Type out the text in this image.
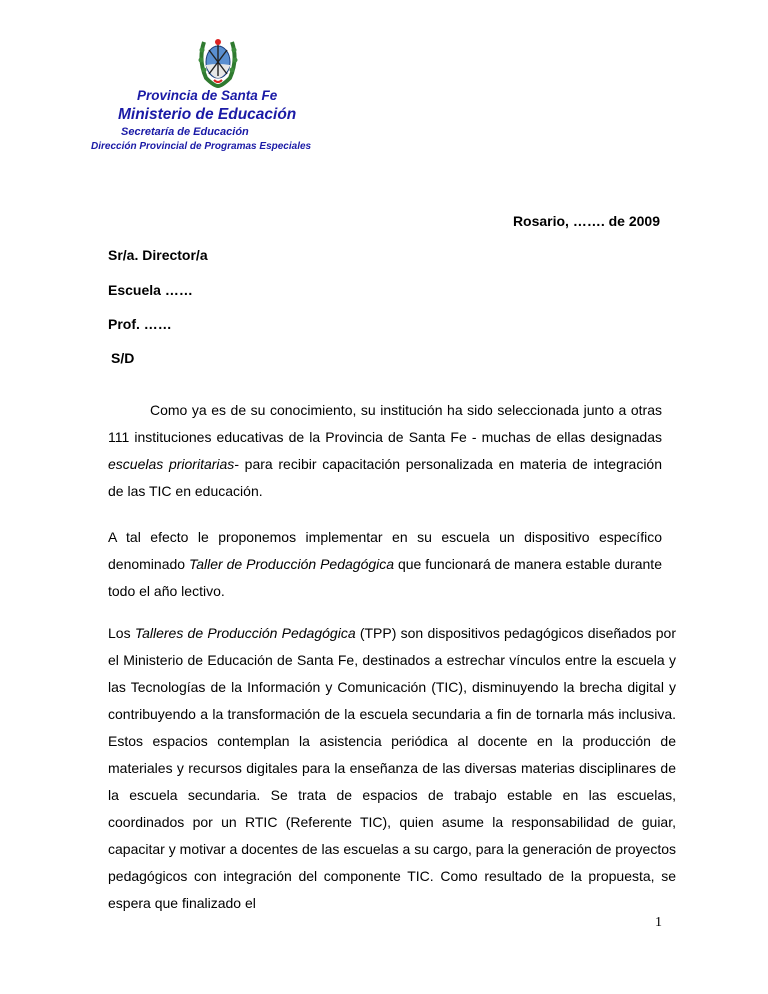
Provincia de Santa Fe
Ministerio de Educación
Secretaría de Educación
Dirección Provincial de Programas Especiales
Rosario, ……. de 2009
Sr/a. Director/a
Escuela ……
Prof. ……
S/D
Como ya es de su conocimiento, su institución ha sido seleccionada junto a otras 111 instituciones educativas de la Provincia de Santa Fe - muchas de ellas designadas escuelas prioritarias- para recibir capacitación personalizada en materia de integración de las TIC en educación.
A tal efecto le proponemos implementar en su escuela un dispositivo específico denominado Taller de Producción Pedagógica que funcionará de manera estable durante todo el año lectivo.
Los Talleres de Producción Pedagógica (TPP) son dispositivos pedagógicos diseñados por el Ministerio de Educación de Santa Fe, destinados a estrechar vínculos entre la escuela y las Tecnologías de la Información y Comunicación (TIC), disminuyendo la brecha digital y contribuyendo a la transformación de la escuela secundaria a fin de tornarla más inclusiva. Estos espacios contemplan la asistencia periódica al docente en la producción de materiales y recursos digitales para la enseñanza de las diversas materias disciplinares de la escuela secundaria. Se trata de espacios de trabajo estable en las escuelas, coordinados por un RTIC (Referente TIC), quien asume la responsabilidad de guiar, capacitar y motivar a docentes de las escuelas a su cargo, para la generación de proyectos pedagógicos con integración del componente TIC. Como resultado de la propuesta, se espera que finalizado el
1
